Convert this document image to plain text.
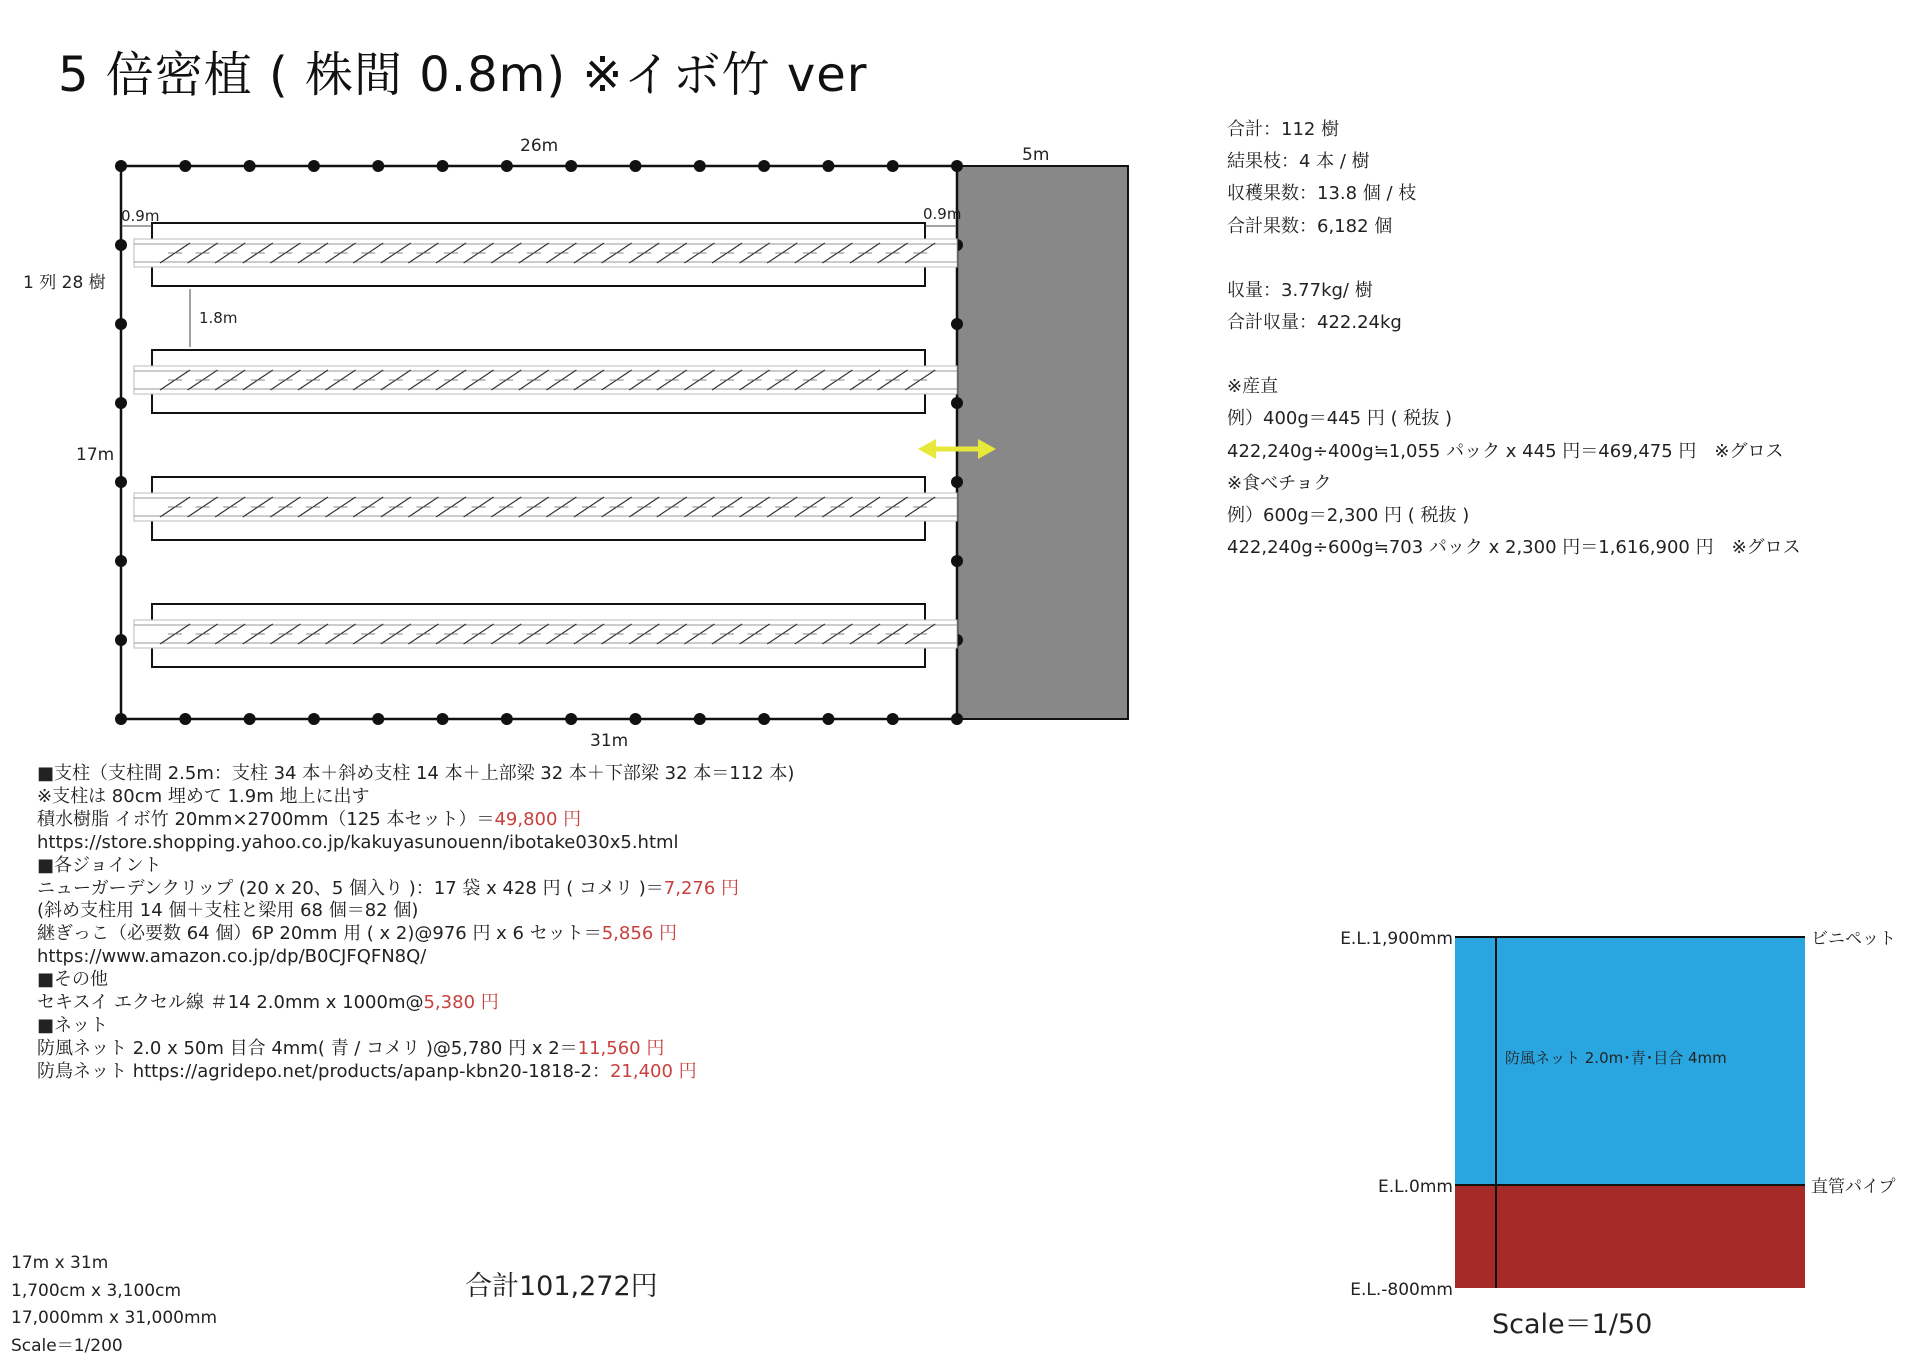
5 倍密植 ( 株間 0.8m) ※イボ竹 ver
0.9m	0.9m
1.8m
26m	5m
31m
17m
1 列 28 樹
合計：112 樹
結果枝：4 本 / 樹
収穫果数：13.8 個 / 枝
合計果数：6,182 個
収量：3.77kg/ 樹
合計収量：422.24kg
※産直
例）400g＝445 円 ( 税抜 )
422,240g÷400g≒1,055 パック x 445 円＝469,475 円　※グロス
※食べチョク
例）600g＝2,300 円 ( 税抜 )
422,240g÷600g≒703 パック x 2,300 円＝1,616,900 円　※グロス
■支柱（支柱間 2.5m：支柱 34 本＋斜め支柱 14 本＋上部梁 32 本＋下部梁 32 本＝112 本)
※支柱は 80cm 埋めて 1.9m 地上に出す
積水樹脂 イボ竹 20mm×2700mm（125 本セット）＝49,800 円
https://store.shopping.yahoo.co.jp/kakuyasunouenn/ibotake030x5.html
■各ジョイント
ニューガーデンクリップ (20 x 20、5 個入り )：17 袋 x 428 円 ( コメリ )＝7,276 円
(斜め支柱用 14 個＋支柱と梁用 68 個＝82 個)
継ぎっこ（必要数 64 個）6P 20mm 用 ( x 2)@976 円 x 6 セット＝5,856 円
https://www.amazon.co.jp/dp/B0CJFQFN8Q/
■その他
セキスイ エクセル線 ＃14 2.0mm x 1000m@5,380 円
■ネット
防風ネット 2.0 x 50m 目合 4mm( 青 / コメリ )@5,780 円 x 2＝11,560 円
防鳥ネット https://agridepo.net/products/apanp-kbn20-1818-2：21,400 円
合計101,272円
17m x 31m
1,700cm x 3,100cm
17,000mm x 31,000mm
Scale＝1/200
E.L.1,900mm
E.L.0mm
E.L.-800mm
ビニペット
直管パイプ
防風ネット 2.0m･青･目合 4mm
Scale＝1/50
